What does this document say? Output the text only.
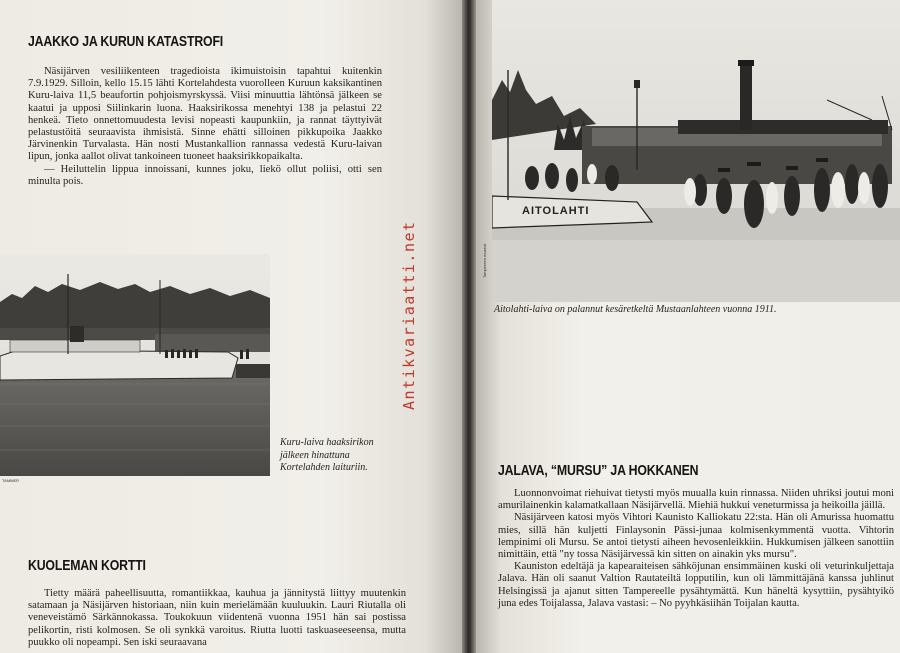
JAAKKO JA KURUN KATASTROFI

Näsijärven vesiliikenteen tragedioista ikimuistoisin tapahtui kuitenkin 7.9.1929. Silloin, kello 15.15 lähti Kortelahdesta vuorolleen Kuruun kaksikantinen Kuru-laiva 11,5 beaufortin pohjoismyrskyssä. Viisi minuuttia lähtönsä jälkeen se kaatui ja upposi Siilinkarin luona. Haaksirikossa menehtyi 138 ja pelastui 22 henkeä. Tieto onnettomuudesta levisi nopeasti kaupunkiin, ja rannat täyttyivät pelastustöitä seuraavista ihmisistä. Sinne ehätti silloinen pikkupoika Jaakko Järvinenkin Turvalasta. Hän nosti Mustankallion rannassa vedestä Kuru-laivan lipun, jonka aallot olivat tankoineen tuoneet haaksirikkopaikalta.

— Heiluttelin lippua innoissani, kunnes joku, liekö ollut poliisi, otti sen minulta pois.

TAMMER
Kuru-laiva haaksirikon jälkeen hinattuna Kortelahden laituriin.
KUOLEMAN KORTTI

Tietty määrä paheellisuutta, romantiikkaa, kauhua ja jännitystä liittyy muutenkin satamaan ja Näsijärven historiaan, niin kuin merielämään kuuluukin. Lauri Riutalla oli veneveistämö Särkännokassa. Toukokuun viidentenä vuonna 1951 hän sai postissa pelikortin, risti kolmosen. Se oli synkkä varoitus. Riutta luotti taskuaseeseensa, mutta puukko oli nopeampi. Sen iski seuraavana

Antikvariaatti.net
AITOLAHTI
Tampereen museot
Aitolahti-laiva on palannut kesäretkeltä Mustaanlahteen vuonna 1911.
JALAVA, “MURSU” JA HOKKANEN

Luonnonvoimat riehuivat tietysti myös muualla kuin rinnassa. Niiden uhriksi joutui moni amurilainenkin kalamatkallaan Näsijärvellä. Miehiä hukkui veneturmissa ja heikoilla jäillä.

Näsijärveen katosi myös Vihtori Kaunisto Kalliokatu 22:sta. Hän oli Amurissa huomattu mies, sillä hän kuljetti Finlaysonin Pässi-junaa kolmisenkymmentä vuotta. Vihtorin lempinimi oli Mursu. Se antoi tietysti aiheen hevosenleikkiin. Hukkumisen jälkeen sanottiin nimittäin, että "ny tossa Näsijärvessä kin sitten on ainakin yks mursu".

Kauniston edeltäjä ja kapearaiteisen sähköjunan ensimmäinen kuski oli veturinkuljettaja Jalava. Hän oli saanut Valtion Rautateiltä lopputilin, kun oli lämmittäjänä kanssa juhlinut Helsingissä ja ajanut sitten Tampereelle pysähtymättä. Kun häneltä kysyttiin, pysähtyikö juna edes Toijalassa, Jalava vastasi: – No pyyhkäsiihän Toijalan kautta.
